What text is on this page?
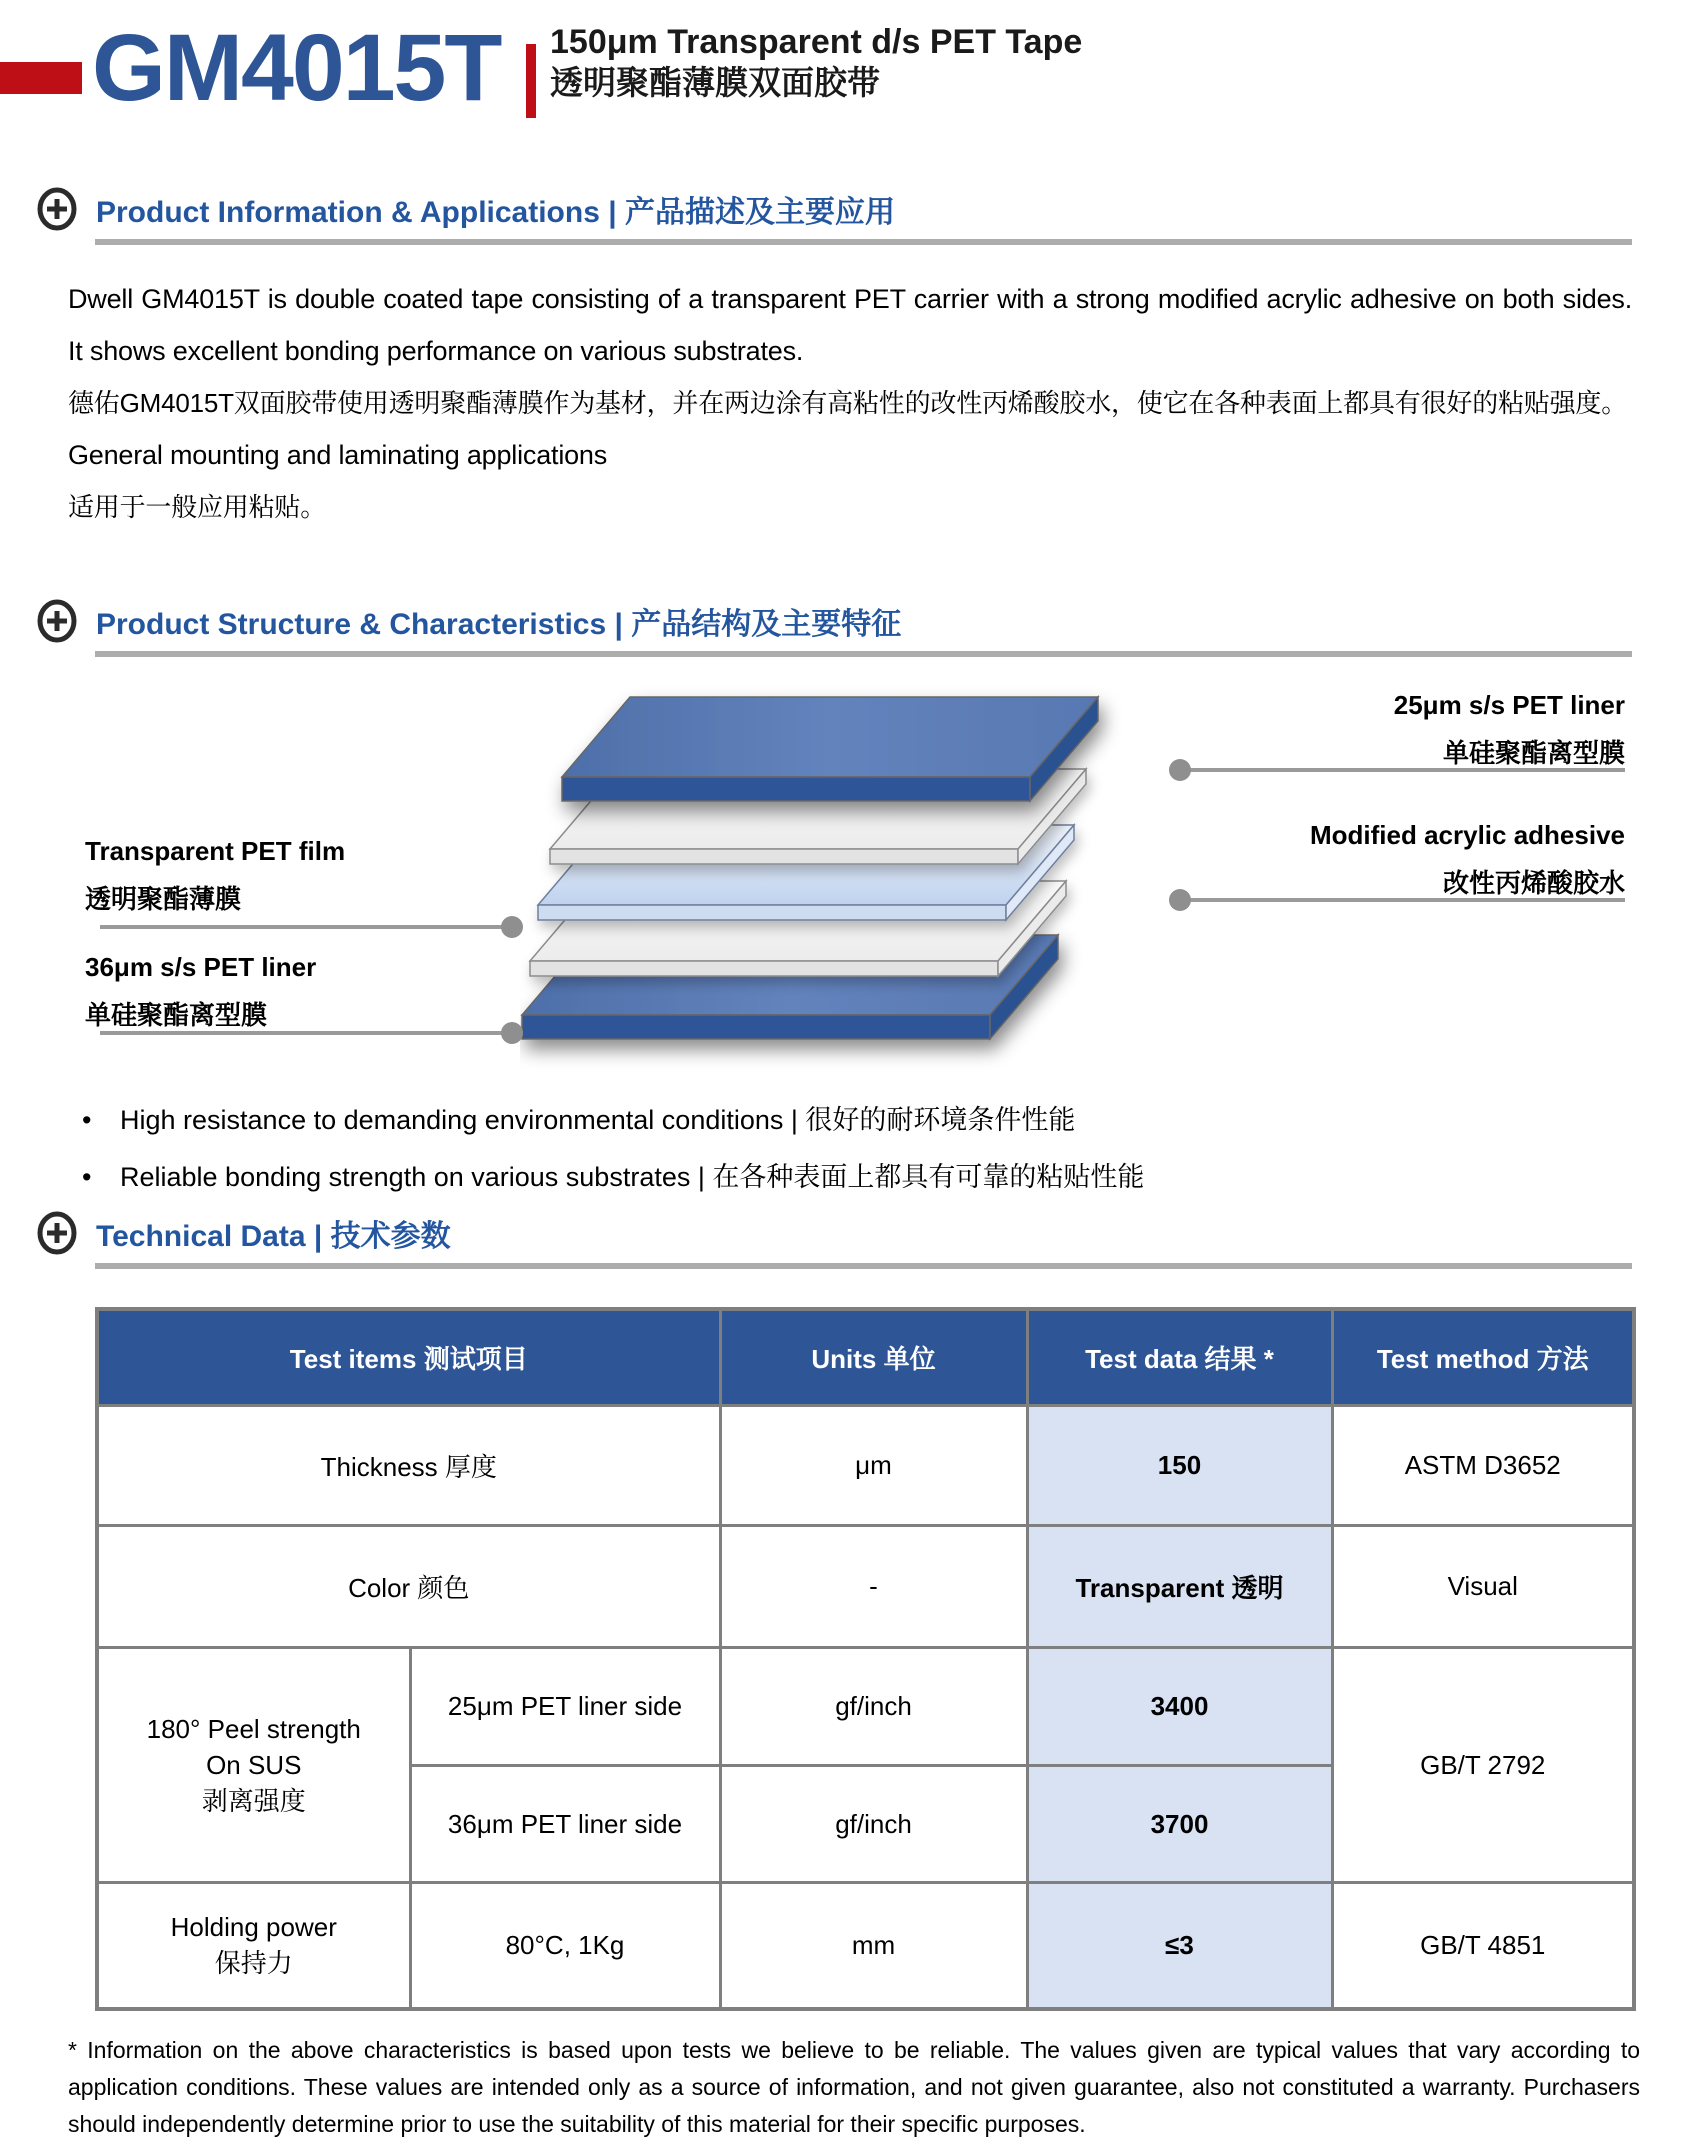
GM4015T 150μm Transparent d/s PET Tape
透明聚酯薄膜双面胶带
Product Information & Applications | 产品描述及主要应用

Dwell GM4015T is double coated tape consisting of a transparent PET carrier with a strong modified acrylic adhesive on both sides. It shows excellent bonding performance on various substrates.

德佑GM4015T双面胶带使用透明聚酯薄膜作为基材，并在两边涂有高粘性的改性丙烯酸胶水，使它在各种表面上都具有很好的粘贴强度。

General mounting and laminating applications

适用于一般应用粘贴。

Product Structure & Characteristics | 产品结构及主要特征
25μm s/s PET liner
单硅聚酯离型膜
Modified acrylic adhesive
改性丙烯酸胶水
Transparent PET film
透明聚酯薄膜
36μm s/s PET liner
单硅聚酯离型膜
•	High resistance to demanding environmental conditions | 很好的耐环境条件性能
•	Reliable bonding strength on various substrates | 在各种表面上都具有可靠的粘贴性能
Technical Data | 技术参数
Test items 测试项目		Units 单位	Test data 结果 *	Test method 方法
Thickness 厚度		μm	150	ASTM D3652
Color 颜色		-	Transparent 透明	Visual

180° Peel strength
On SUS
剥离强度	25μm PET liner side	gf/inch	3400	GB/T 2792
	36μm PET liner side	gf/inch	3700	

Holding power
保持力	80°C, 1Kg	mm	≤3	GB/T 4851
* Information on the above characteristics is based upon tests we believe to be reliable. The values given are typical values that vary according to application conditions. These values are intended only as a source of information, and not given guarantee, also not constituted a warranty. Purchasers should independently determine prior to use the suitability of this material for their specific purposes.
